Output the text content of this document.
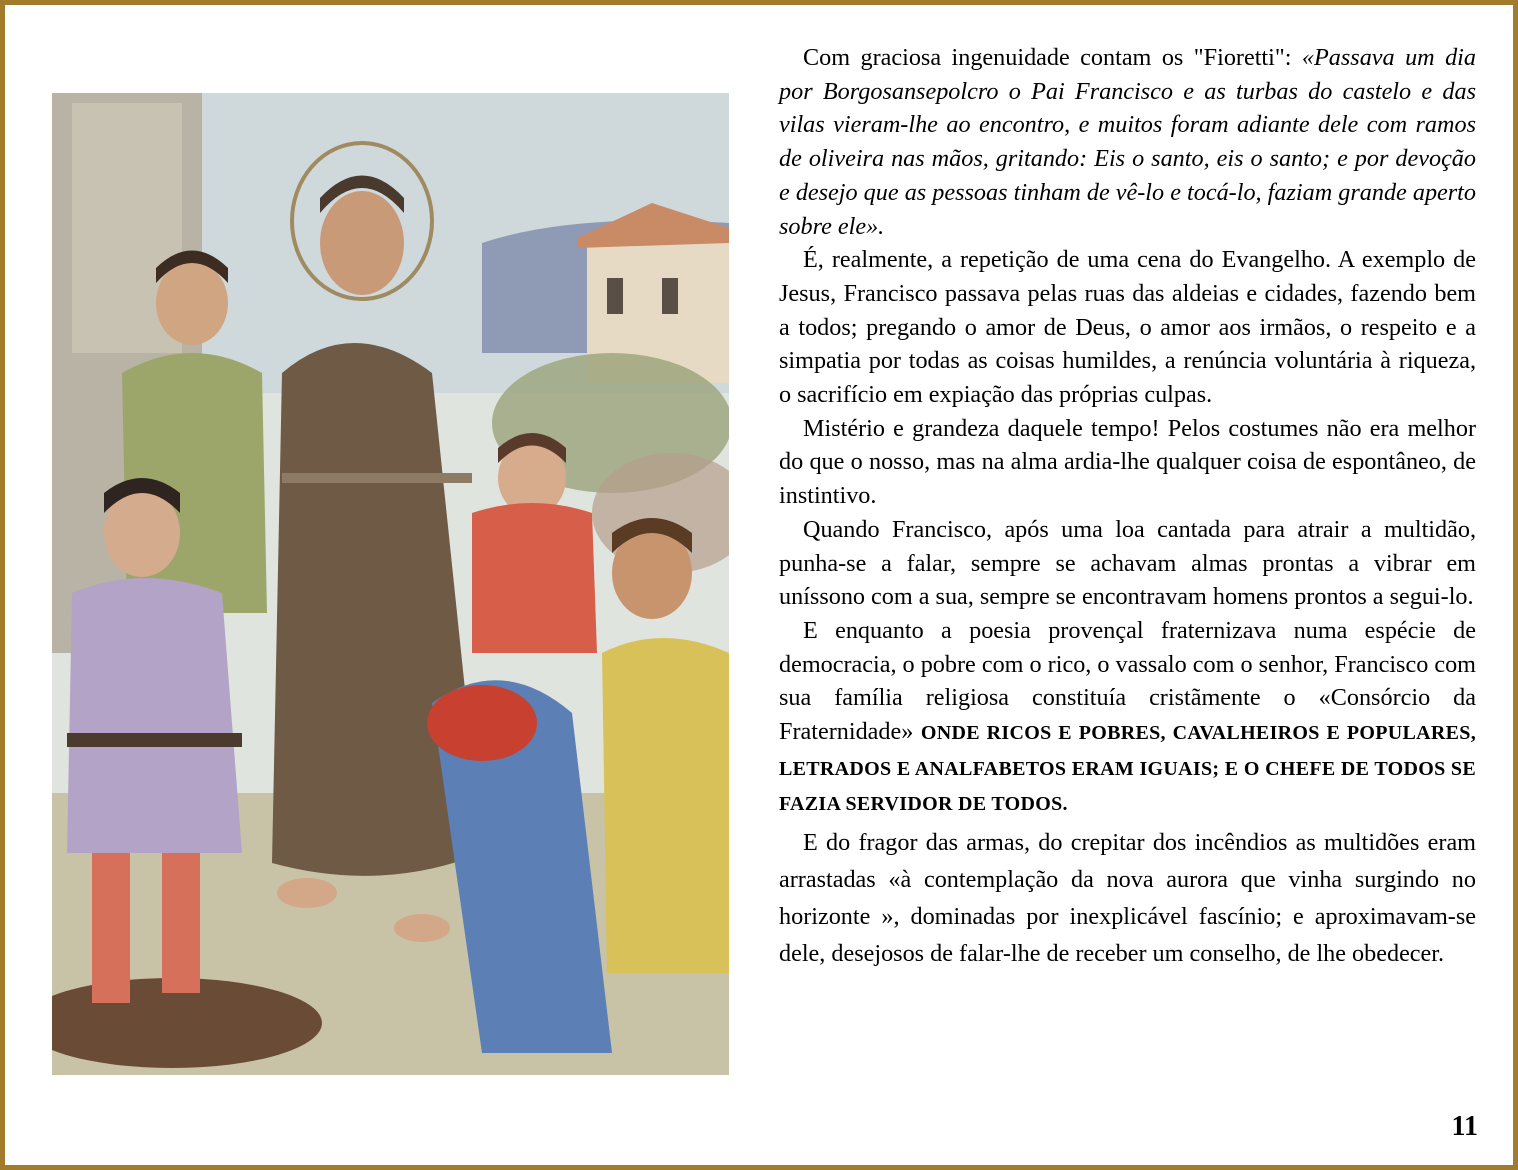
Com graciosa ingenuidade contam os "Fioretti": «Passava um dia por Borgosansepolcro o Pai Francisco e as turbas do castelo e das vilas vieram-lhe ao encontro, e muitos foram adiante dele com ramos de oliveira nas mãos, gritando: Eis o santo, eis o santo; e por devoção e desejo que as pessoas tinham de vê-lo e tocá-lo, faziam grande aperto sobre ele».

É, realmente, a repetição de uma cena do Evangelho. A exemplo de Jesus, Francisco passava pelas ruas das aldeias e cidades, fazendo bem a todos; pregando o amor de Deus, o amor aos irmãos, o respeito e a simpatia por todas as coisas humildes, a renúncia voluntária à riqueza, o sacrifício em expiação das próprias culpas.

Mistério e grandeza daquele tempo! Pelos costumes não era melhor do que o nosso, mas na alma ardia-lhe qualquer coisa de espontâneo, de instintivo.

Quando Francisco, após uma loa cantada para atrair a multidão, punha-se a falar, sempre se achavam almas prontas a vibrar em uníssono com a sua, sempre se encontravam homens prontos a segui-lo.

E enquanto a poesia provençal fraternizava numa espécie de democracia, o pobre com o rico, o vassalo com o senhor, Francisco com sua família religiosa constituía cristãmente o «Consórcio da Fraternidade» ONDE RICOS E POBRES, CAVALHEIROS E POPULARES, LETRADOS E ANALFABETOS ERAM IGUAIS; E O CHEFE DE TODOS SE FAZIA SERVIDOR DE TODOS.

E do fragor das armas, do crepitar dos incêndios as multidões eram arrastadas «à contemplação da nova aurora que vinha surgindo no horizonte », dominadas por inexplicável fascínio; e aproximavam-se dele, desejosos de falar-lhe de receber um conselho, de lhe obedecer.

11
